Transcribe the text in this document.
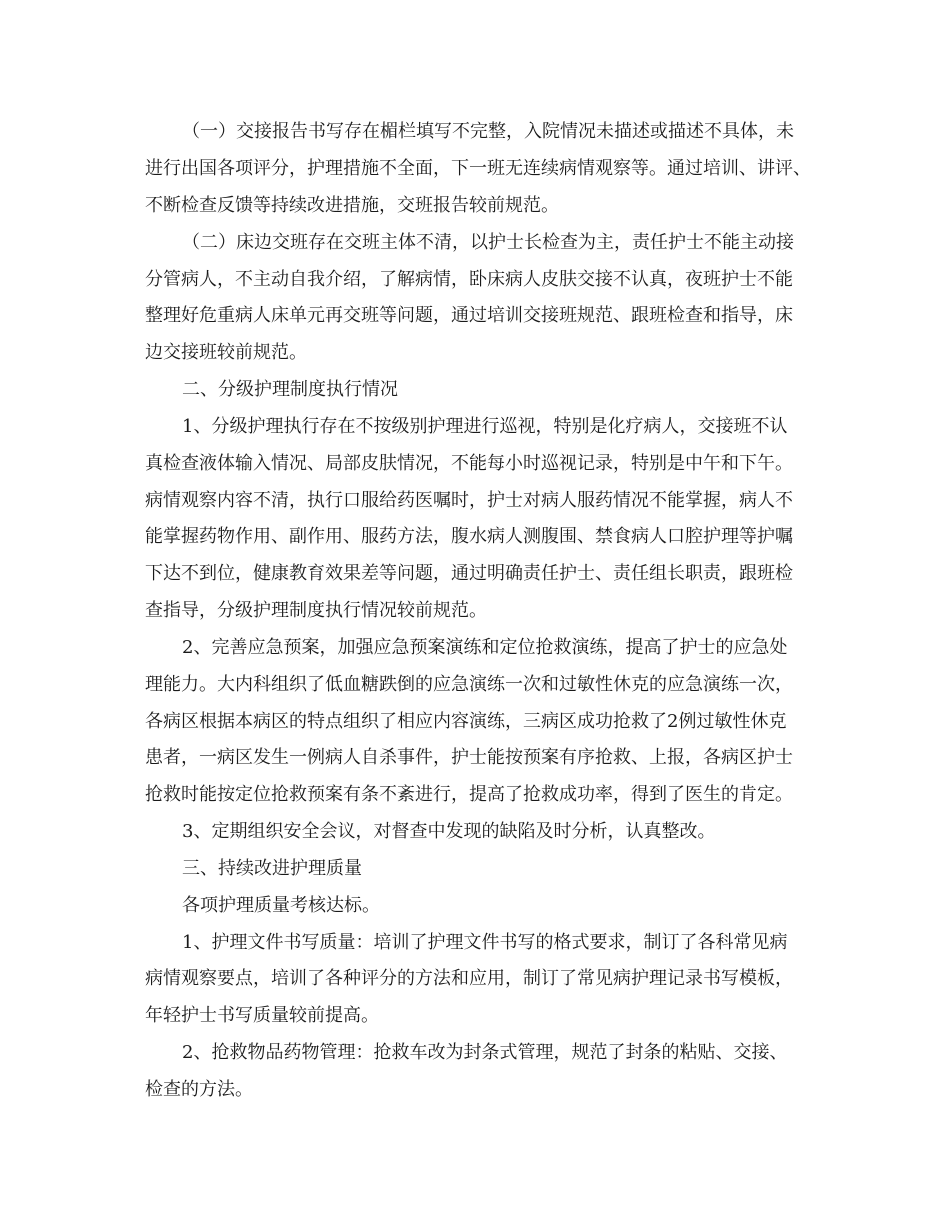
（一）交接报告书写存在楣栏填写不完整，入院情况未描述或描述不具体，未
进行出国各项评分，护理措施不全面，下一班无连续病情观察等。通过培训、讲评、
不断检查反馈等持续改进措施，交班报告较前规范。
（二）床边交班存在交班主体不清，以护士长检查为主，责任护士不能主动接
分管病人，不主动自我介绍，了解病情，卧床病人皮肤交接不认真，夜班护士不能
整理好危重病人床单元再交班等问题，通过培训交接班规范、跟班检查和指导，床
边交接班较前规范。
二、分级护理制度执行情况
1、分级护理执行存在不按级别护理进行巡视，特别是化疗病人，交接班不认
真检查液体输入情况、局部皮肤情况，不能每小时巡视记录，特别是中午和下午。
病情观察内容不清，执行口服给药医嘱时，护士对病人服药情况不能掌握，病人不
能掌握药物作用、副作用、服药方法，腹水病人测腹围、禁食病人口腔护理等护嘱
下达不到位，健康教育效果差等问题，通过明确责任护士、责任组长职责，跟班检
查指导，分级护理制度执行情况较前规范。
2、完善应急预案，加强应急预案演练和定位抢救演练，提高了护士的应急处
理能力。大内科组织了低血糖跌倒的应急演练一次和过敏性休克的应急演练一次，
各病区根据本病区的特点组织了相应内容演练，三病区成功抢救了2例过敏性休克
患者，一病区发生一例病人自杀事件，护士能按预案有序抢救、上报，各病区护士
抢救时能按定位抢救预案有条不紊进行，提高了抢救成功率，得到了医生的肯定。
3、定期组织安全会议，对督查中发现的缺陷及时分析，认真整改。
三、持续改进护理质量
各项护理质量考核达标。
1、护理文件书写质量：培训了护理文件书写的格式要求，制订了各科常见病
病情观察要点，培训了各种评分的方法和应用，制订了常见病护理记录书写模板，
年轻护士书写质量较前提高。
2、抢救物品药物管理：抢救车改为封条式管理，规范了封条的粘贴、交接、
检查的方法。
